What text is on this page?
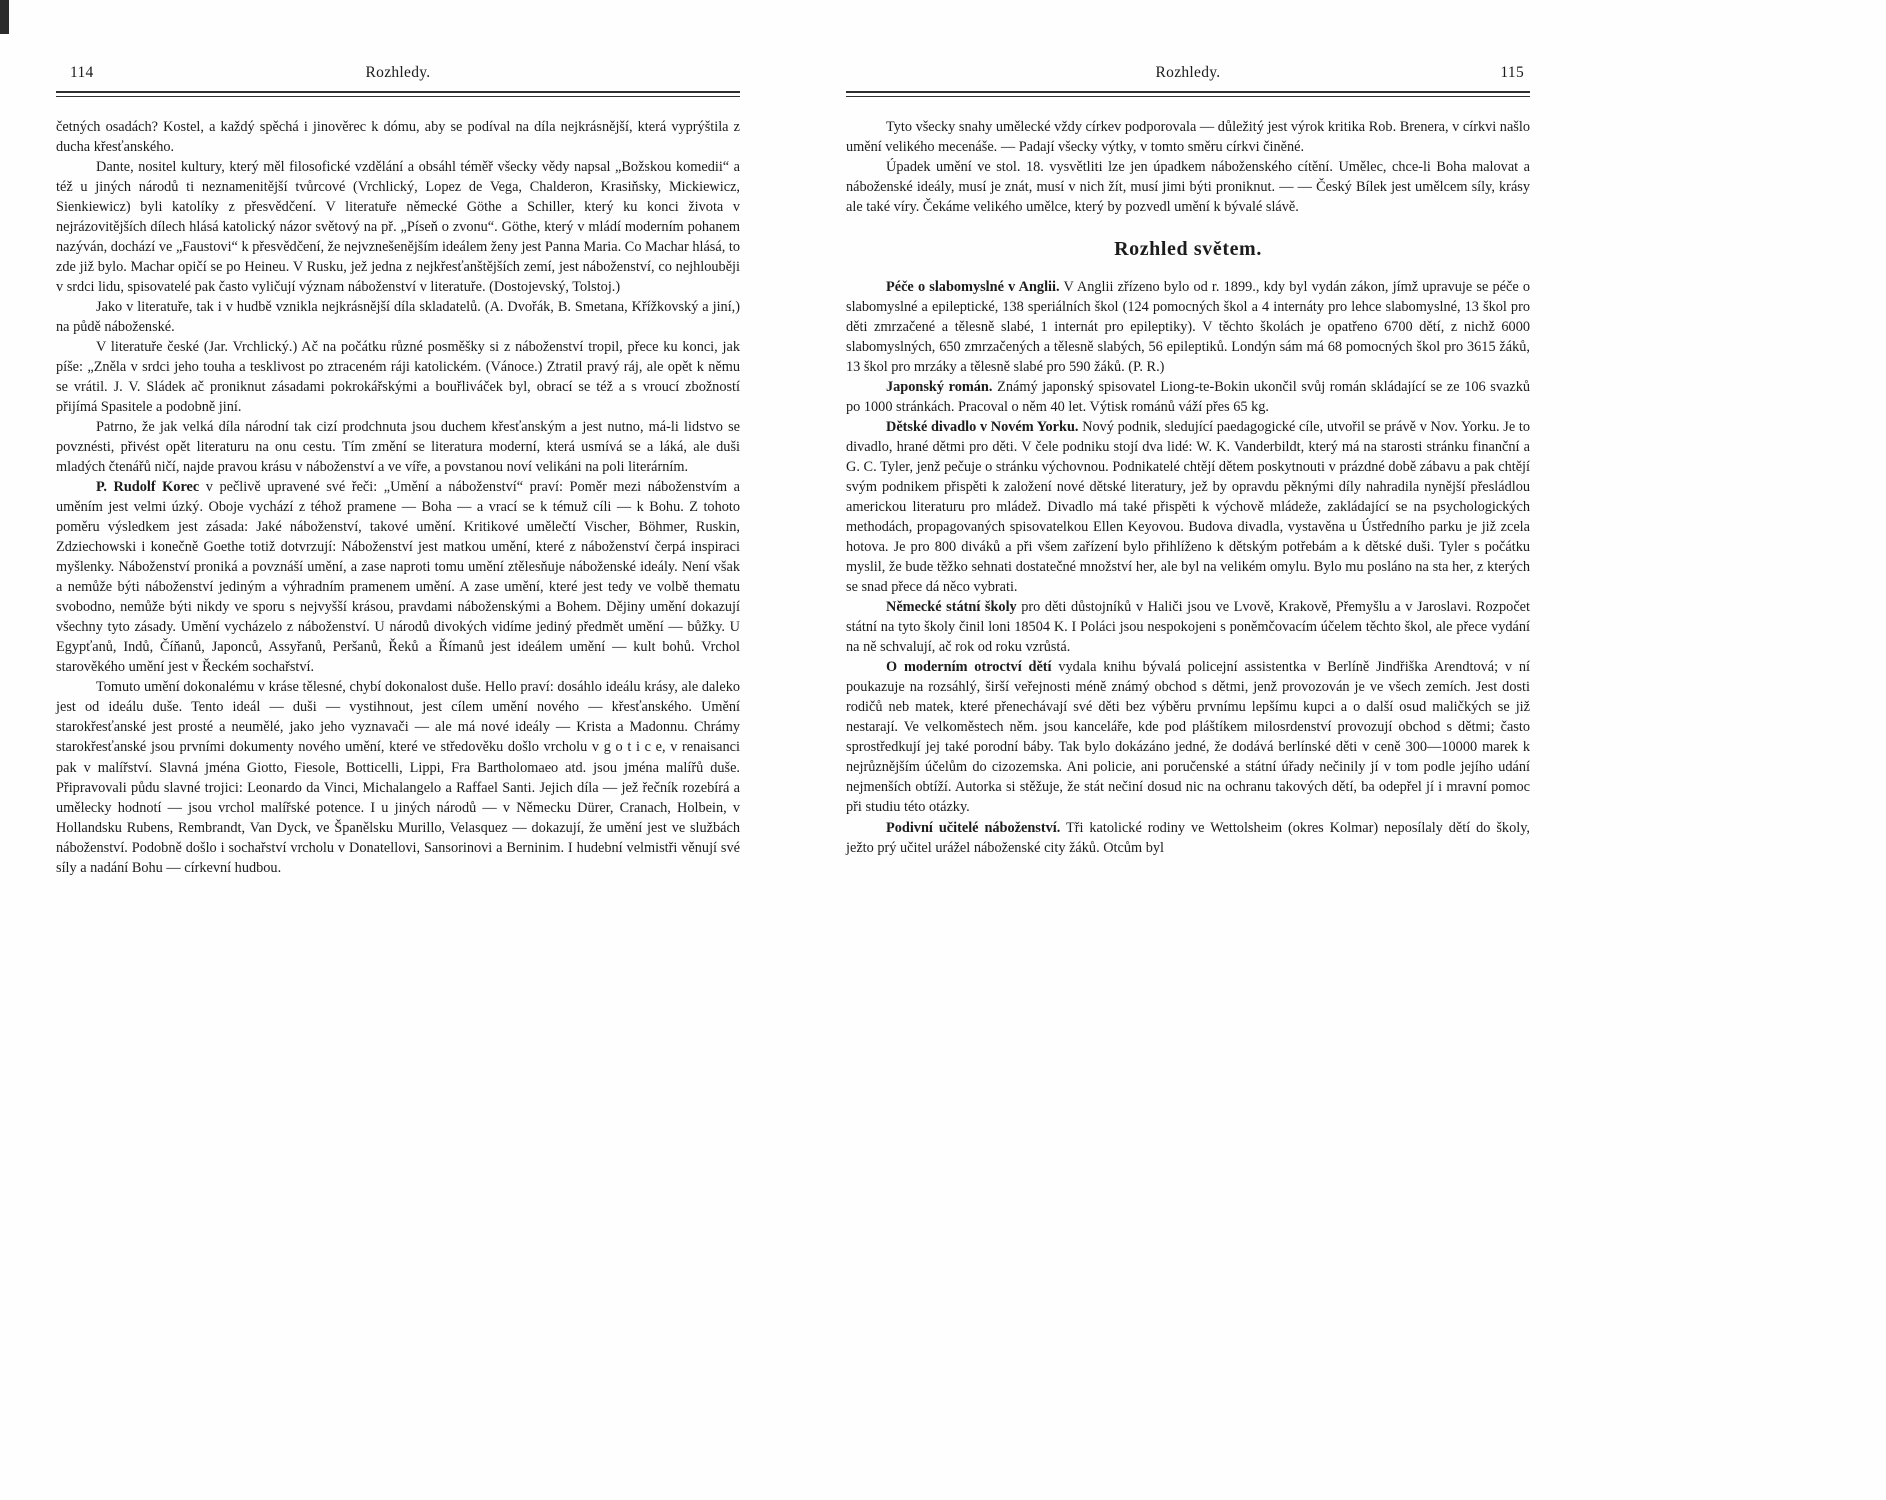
114	Rozhledy.

četných osadách? Kostel, a každý spěchá i jinověrec k dómu, aby se podíval na díla nejkrásnější, která vyprýštila z ducha křesťanského.

Dante, nositel kultury, který měl filosofické vzdělání a obsáhl téměř všecky vědy napsal „Božskou komedii“ a též u jiných národů ti neznamenitější tvůrcové (Vrchlický, Lopez de Vega, Chalderon, Krasiňsky, Mickiewicz, Sienkiewicz) byli katolíky z přesvědčení. V literatuře německé Göthe a Schiller, který ku konci života v nejrázovitějších dílech hlásá katolický názor světový na př. „Píseň o zvonu“. Göthe, který v mládí moderním pohanem nazýván, dochází ve „Faustovi“ k přesvědčení, že nejvznešenějším ideálem ženy jest Panna Maria. Co Machar hlásá, to zde již bylo. Machar opičí se po Heineu. V Rusku, jež jedna z nejkřesťanštějších zemí, jest náboženství, co nejhlouběji v srdci lidu, spisovatelé pak často vyličují význam náboženství v literatuře. (Dostojevský, Tolstoj.)

Jako v literatuře, tak i v hudbě vznikla nejkrásnější díla skladatelů. (A. Dvořák, B. Smetana, Křížkovský a jiní,) na půdě náboženské.

V literatuře české (Jar. Vrchlický.) Ač na počátku různé posměšky si z náboženství tropil, přece ku konci, jak píše: „Zněla v srdci jeho touha a tesklivost po ztraceném ráji katolickém. (Vánoce.) Ztratil pravý ráj, ale opět k němu se vrátil. J. V. Sládek ač proniknut zásadami pokrokářskými a bouřliváček byl, obrací se též a s vroucí zbožností přijímá Spasitele a podobně jiní.

Patrno, že jak velká díla národní tak cizí prodchnuta jsou duchem křesťanským a jest nutno, má-li lidstvo se povznésti, přivést opět literaturu na onu cestu. Tím změní se literatura moderní, která usmívá se a láká, ale duši mladých čtenářů ničí, najde pravou krásu v náboženství a ve víře, a povstanou noví velikáni na poli literárním.

P. Rudolf Korec v pečlivě upravené své řeči: „Umění a náboženství“ praví: Poměr mezi náboženstvím a uměním jest velmi úzký. Oboje vychází z téhož pramene — Boha — a vrací se k témuž cíli — k Bohu. Z tohoto poměru výsledkem jest zásada: Jaké náboženství, takové umění. Kritikové umělečtí Vischer, Böhmer, Ruskin, Zdziechowski i konečně Goethe totiž dotvrzují: Náboženství jest matkou umění, které z náboženství čerpá inspiraci myšlenky. Náboženství proniká a povznáší umění, a zase naproti tomu umění ztělesňuje náboženské ideály. Není však a nemůže býti náboženství jediným a výhradním pramenem umění. A zase umění, které jest tedy ve volbě thematu svobodno, nemůže býti nikdy ve sporu s nejvyšší krásou, pravdami náboženskými a Bohem. Dějiny umění dokazují všechny tyto zásady. Umění vycházelo z náboženství. U národů divokých vidíme jediný předmět umění — bůžky. U Egypťanů, Indů, Číňanů, Japonců, Assyřanů, Peršanů, Řeků a Římanů jest ideálem umění — kult bohů. Vrchol starověkého umění jest v Řeckém sochařství.

Tomuto umění dokonalému v kráse tělesné, chybí dokonalost duše. Hello praví: dosáhlo ideálu krásy, ale daleko jest od ideálu duše. Tento ideál — duši — vystihnout, jest cílem umění nového — křesťanského. Umění starokřesťanské jest prosté a neumělé, jako jeho vyznavači — ale má nové ideály — Krista a Madonnu. Chrámy starokřesťanské jsou prvními dokumenty nového umění, které ve středověku došlo vrcholu v g o t i c e, v renaisanci pak v malířství. Slavná jména Giotto, Fiesole, Botticelli, Lippi, Fra Bartholomaeo atd. jsou jména malířů duše. Připravovali půdu slavné trojici: Leonardo da Vinci, Michalangelo a Raffael Santi. Jejich díla — jež řečník rozebírá a umělecky hodnotí — jsou vrchol malířské potence. I u jiných národů — v Německu Dürer, Cranach, Holbein, v Hollandsku Rubens, Rembrandt, Van Dyck, ve Španělsku Murillo, Velasquez — dokazují, že umění jest ve službách náboženství. Podobně došlo i sochařství vrcholu v Donatellovi, Sansorinovi a Berninim. I hudební velmistři věnují své síly a nadání Bohu — církevní hudbou.

Rozhledy.	115

Tyto všecky snahy umělecké vždy církev podporovala — důležitý jest výrok kritika Rob. Brenera, v církvi našlo umění velikého mecenáše. — Padají všecky výtky, v tomto směru církvi činěné.

Úpadek umění ve stol. 18. vysvětliti lze jen úpadkem náboženského cítění. Umělec, chce-li Boha malovat a náboženské ideály, musí je znát, musí v nich žít, musí jimi býti proniknut. — — Český Bílek jest umělcem síly, krásy ale také víry. Čekáme velikého umělce, který by pozvedl umění k bývalé slávě.

Rozhled světem.

Péče o slabomyslné v Anglii. V Anglii zřízeno bylo od r. 1899., kdy byl vydán zákon, jímž upravuje se péče o slabomyslné a epileptické, 138 speriálních škol (124 pomocných škol a 4 internáty pro lehce slabomyslné, 13 škol pro děti zmrzačené a tělesně slabé, 1 internát pro epileptiky). V těchto školách je opatřeno 6700 dětí, z nichž 6000 slabomyslných, 650 zmrzačených a tělesně slabých, 56 epileptiků. Londýn sám má 68 pomocných škol pro 3615 žáků, 13 škol pro mrzáky a tělesně slabé pro 590 žáků. (P. R.)

Japonský román. Známý japonský spisovatel Liong-te-Bokin ukončil svůj román skládající se ze 106 svazků po 1000 stránkách. Pracoval o něm 40 let. Výtisk románů váží přes 65 kg.

Dětské divadlo v Novém Yorku. Nový podnik, sledující paedagogické cíle, utvořil se právě v Nov. Yorku. Je to divadlo, hrané dětmi pro děti. V čele podniku stojí dva lidé: W. K. Vanderbildt, který má na starosti stránku finanční a G. C. Tyler, jenž pečuje o stránku výchovnou. Podnikatelé chtějí dětem poskytnouti v prázdné době zábavu a pak chtějí svým podnikem přispěti k založení nové dětské literatury, jež by opravdu pěknými díly nahradila nynější přesládlou americkou literaturu pro mládež. Divadlo má také přispěti k výchově mládeže, zakládající se na psychologických methodách, propagovaných spisovatelkou Ellen Keyovou. Budova divadla, vystavěna u Ústředního parku je již zcela hotova. Je pro 800 diváků a při všem zařízení bylo přihlíženo k dětským potřebám a k dětské duši. Tyler s počátku myslil, že bude těžko sehnati dostatečné množství her, ale byl na velikém omylu. Bylo mu posláno na sta her, z kterých se snad přece dá něco vybrati.

Německé státní školy pro děti důstojníků v Haliči jsou ve Lvově, Krakově, Přemyšlu a v Jaroslavi. Rozpočet státní na tyto školy činil loni 18504 K. I Poláci jsou nespokojeni s poněmčovacím účelem těchto škol, ale přece vydání na ně schvalují, ač rok od roku vzrůstá.

O moderním otroctví dětí vydala knihu bývalá policejní assistentka v Berlíně Jindřiška Arendtová; v ní poukazuje na rozsáhlý, širší veřejnosti méně známý obchod s dětmi, jenž provozován je ve všech zemích. Jest dosti rodičů neb matek, které přenechávají své děti bez výběru prvnímu lepšímu kupci a o další osud maličkých se již nestarají. Ve velkoměstech něm. jsou kanceláře, kde pod pláštíkem milosrdenství provozují obchod s dětmi; často sprostředkují jej také porodní báby. Tak bylo dokázáno jedné, že dodává berlínské děti v ceně 300—10000 marek k nejrůznějším účelům do cizozemska. Ani policie, ani poručenské a státní úřady nečinily jí v tom podle jejího udání nejmenších obtíží. Autorka si stěžuje, že stát nečiní dosud nic na ochranu takových dětí, ba odepřel jí i mravní pomoc při studiu této otázky.

Podivní učitelé náboženství. Tři katolické rodiny ve Wettolsheim (okres Kolmar) neposílaly dětí do školy, ježto prý učitel urážel náboženské city žáků. Otcům byl
